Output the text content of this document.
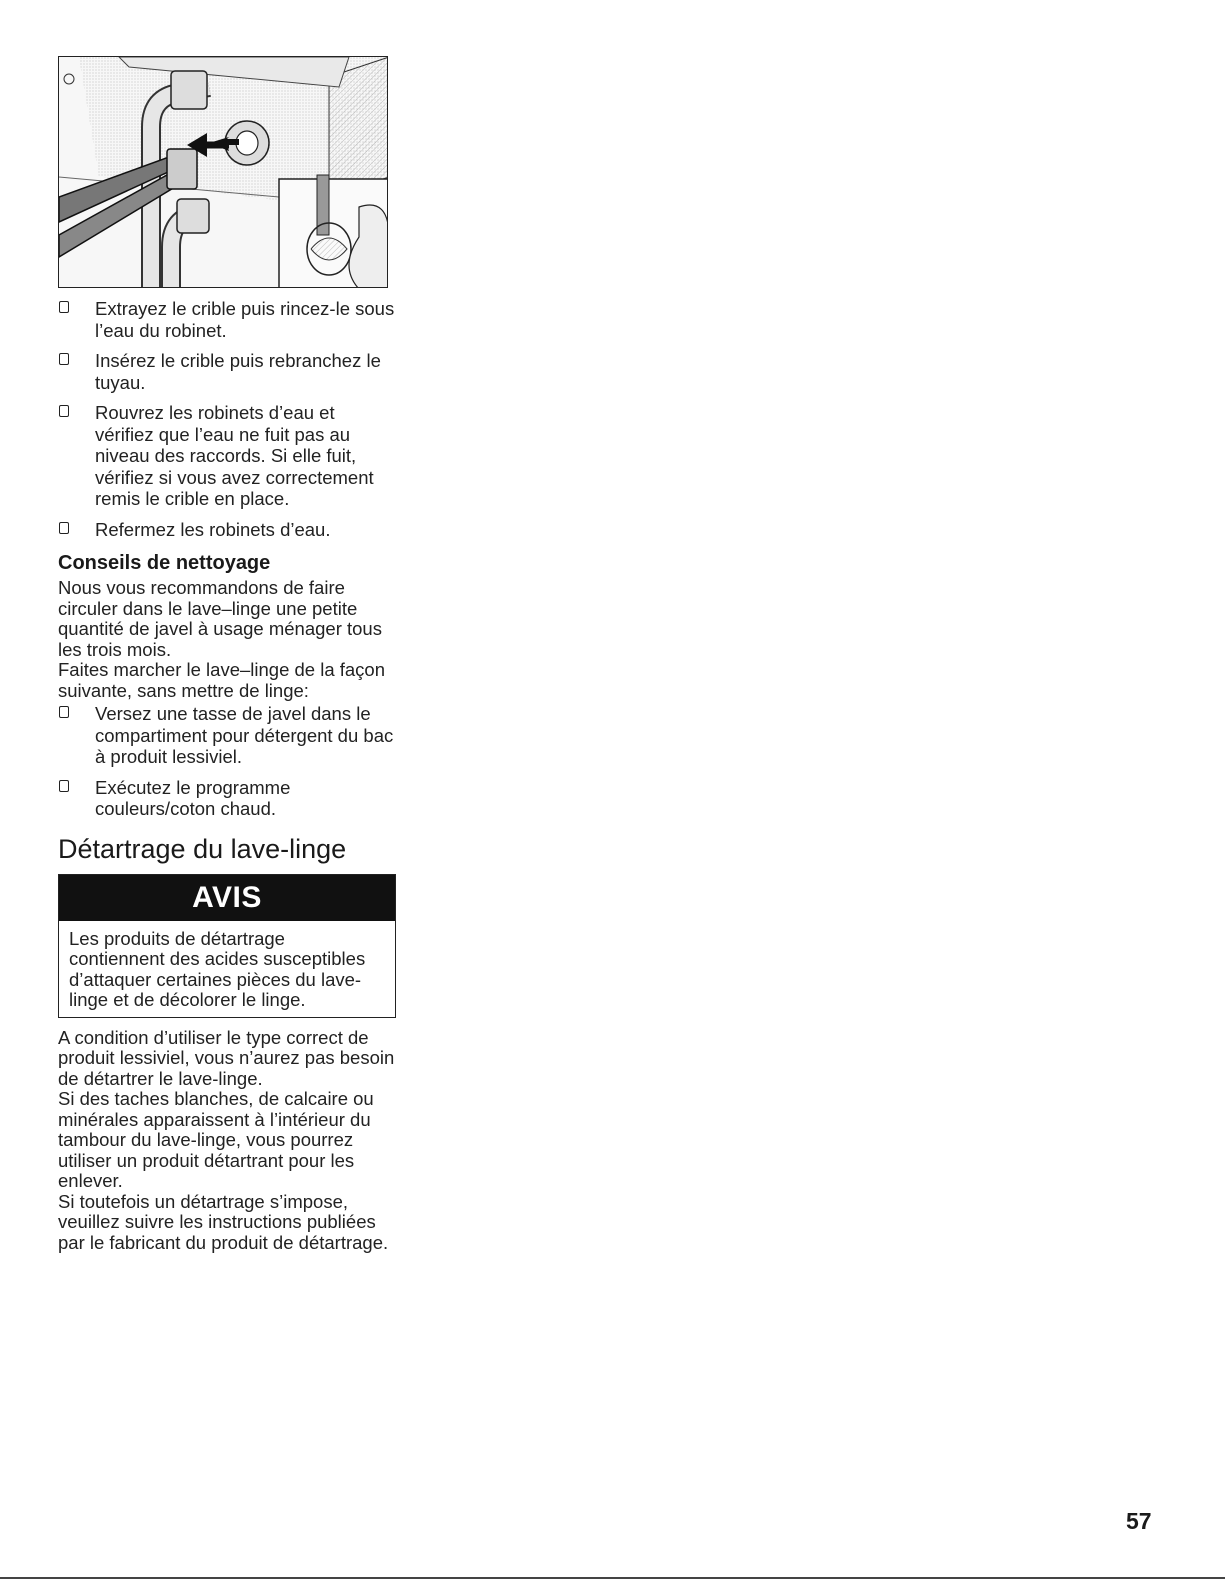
Extrayez le crible puis rincez-le sous l’eau du robinet.
Insérez le crible puis rebranchez le tuyau.
Rouvrez les robinets d’eau et vérifiez que l’eau ne fuit pas au niveau des raccords. Si elle fuit, vérifiez si vous avez correctement remis le crible en place.
Refermez les robinets d’eau.
Conseils de nettoyage

Nous vous recommandons de faire circuler dans le lave–linge une petite quantité de javel à usage ménager tous les trois mois.

Faites marcher le lave–linge de la façon suivante, sans mettre de linge:

Versez une tasse de javel dans le compartiment pour détergent du bac à produit lessiviel.
Exécutez le programme couleurs/coton chaud.
Détartrage du lave-linge
AVIS
Les produits de détartrage contiennent des acides susceptibles d’attaquer certaines pièces du lave-linge et de décolorer le linge.

A condition d’utiliser le type correct de produit lessiviel, vous n’aurez pas besoin de détartrer le lave-linge.

Si des taches blanches, de calcaire ou minérales apparaissent à l’intérieur du tambour du lave-linge, vous pourrez utiliser un produit détartrant pour les enlever.

Si toutefois un détartrage s’impose, veuillez suivre les instructions publiées par le fabricant du produit de détartrage.

57
